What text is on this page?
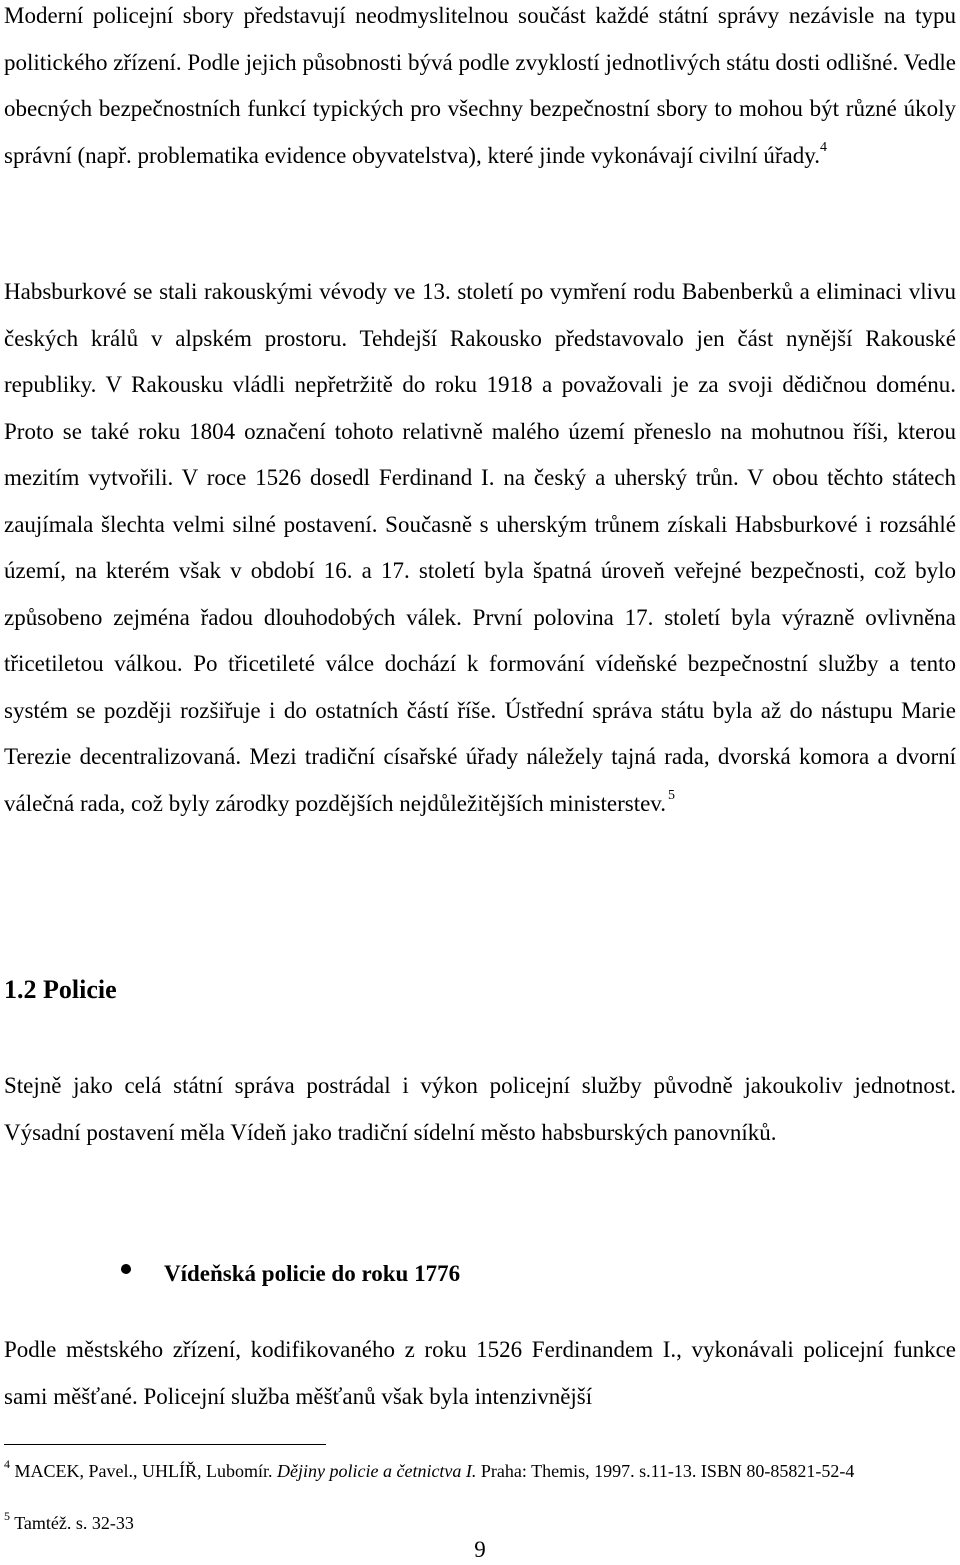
Moderní policejní sbory představují neodmyslitelnou součást každé státní správy nezávisle na typu politického zřízení. Podle jejich působnosti bývá podle zvyklostí jednotlivých státu dosti odlišné. Vedle obecných bezpečnostních funkcí typických pro všechny bezpečnostní sbory to mohou být různé úkoly správní (např. problematika evidence obyvatelstva), které jinde vykonávají civilní úřady.$^4$

Habsburkové se stali rakouskými vévody ve 13. století po vymření rodu Babenberků a eliminaci vlivu českých králů v alpském prostoru. Tehdejší Rakousko představovalo jen část nynější Rakouské republiky. V Rakousku vládli nepřetržitě do roku 1918 a považovali je za svoji dědičnou doménu. Proto se také roku 1804 označení tohoto relativně malého území přeneslo na mohutnou říši, kterou mezitím vytvořili. V roce 1526 dosedl Ferdinand I. na český a uherský trůn. V obou těchto státech zaujímala šlechta velmi silné postavení. Současně s uherským trůnem získali Habsburkové i rozsáhlé území, na kterém však v období 16. a 17. století byla špatná úroveň veřejné bezpečnosti, což bylo způsobeno zejména řadou dlouhodobých válek. První polovina 17. století byla výrazně ovlivněna třicetiletou válkou. Po třicetileté válce dochází k formování vídeňské bezpečnostní služby a tento systém se později rozšiřuje i do ostatních částí říše. Ústřední správa státu byla až do nástupu Marie Terezie decentralizovaná. Mezi tradiční císařské úřady náležely tajná rada, dvorská komora a dvorní válečná rada, což byly zárodky pozdějších nejdůležitějších ministerstev.  $^5$

1.2 Policie

Stejně jako celá státní správa postrádal i výkon policejní služby původně jakoukoliv jednotnost. Výsadní postavení měla Vídeň jako tradiční sídelní město habsburských panovníků.

Vídeňská policie do roku 1776

Podle městského zřízení, kodifikovaného z roku 1526 Ferdinandem I., vykonávali policejní funkce sami měšťané. Policejní služba měšťanů však byla intenzivnější

$^4$ MACEK, Pavel., UHLÍŘ, Lubomír. Dějiny policie a četnictva I. Praha: Themis, 1997. s.11-13. ISBN 80-85821-52-4
$^5$ Tamtéž. s. 32-33
9
